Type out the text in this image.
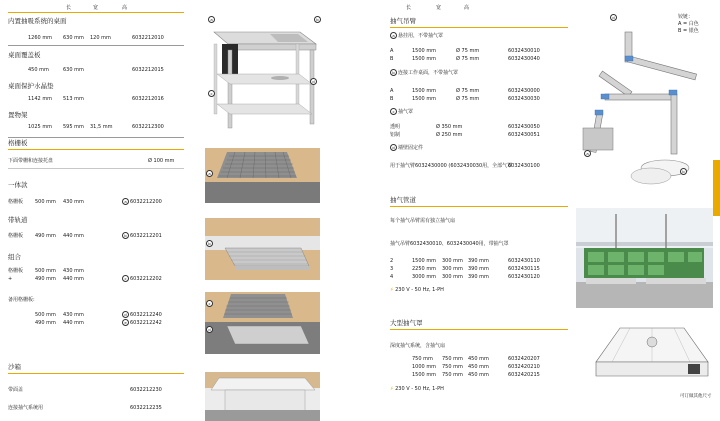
长	宽	高
内置抽吸系统的桌面
1260 mm 630 mm 120 mm	6032212010
桌面覆盖板
450 mm	630 mm	6032212015
桌面保护水晶垫
1142 mm 513 mm	6032212016
置物架
1025 mm 595 mm 31,5 mm	6032212300
格栅板
下面带栅和连接托盘	Ø 100 mm
一体款
格栅板 500 mm 430 mm	a 6032212200
带轨道
格栅板 490 mm 440 mm	b 6032212201
组合
格栅板 500 mm 430 mm
+	490 mm 440 mm	c 6032212202
备用格栅板:
500 mm 430 mm	d 6032212240
490 mm 440 mm	e 6032212242
沙箱
带面盖	6032212230
连接抽气系统用	6032212235
a	b
c
d
a
b
c
d
长	宽	高
抽气吊臂
a 悬挂用，不带抽气罩
A	1500 mm	Ø 75 mm	6032430010
B	1500 mm	Ø 75 mm	6032430040
b 连接工作桌面，不带抽气罩
A	1500 mm	Ø 75 mm	6032430000
B	1500 mm	Ø 75 mm	6032430030
c 抽气罩
透明	Ø 350 mm	6032430050
铝制	Ø 250 mm	6032430051
d 墙壁固定件
用于抽气臂6032430000 (6032430030用，全部气罩
6032430100
铰链：
A = 白色
B = 银色
a
b
d
抽气管道
每个抽气吊臂需有独立抽气扇
抽气吊臂6032430010、6032430040用，带抽气罩
2	1500 mm 300 mm 390 mm	6032430110
3	2250 mm 300 mm 390 mm	6032430115
4	3000 mm 300 mm 390 mm	6032430120
⚡ 230 V - 50 Hz, 1-PH
大型抽气罩
深度抽气系统，含抽气扇
750 mm 750 mm 450 mm	6032420207
1000 mm 750 mm 450 mm	6032420210
1500 mm 750 mm 450 mm	6032420215
⚡ 230 V - 50 Hz, 1-PH
可订做其他尺寸
